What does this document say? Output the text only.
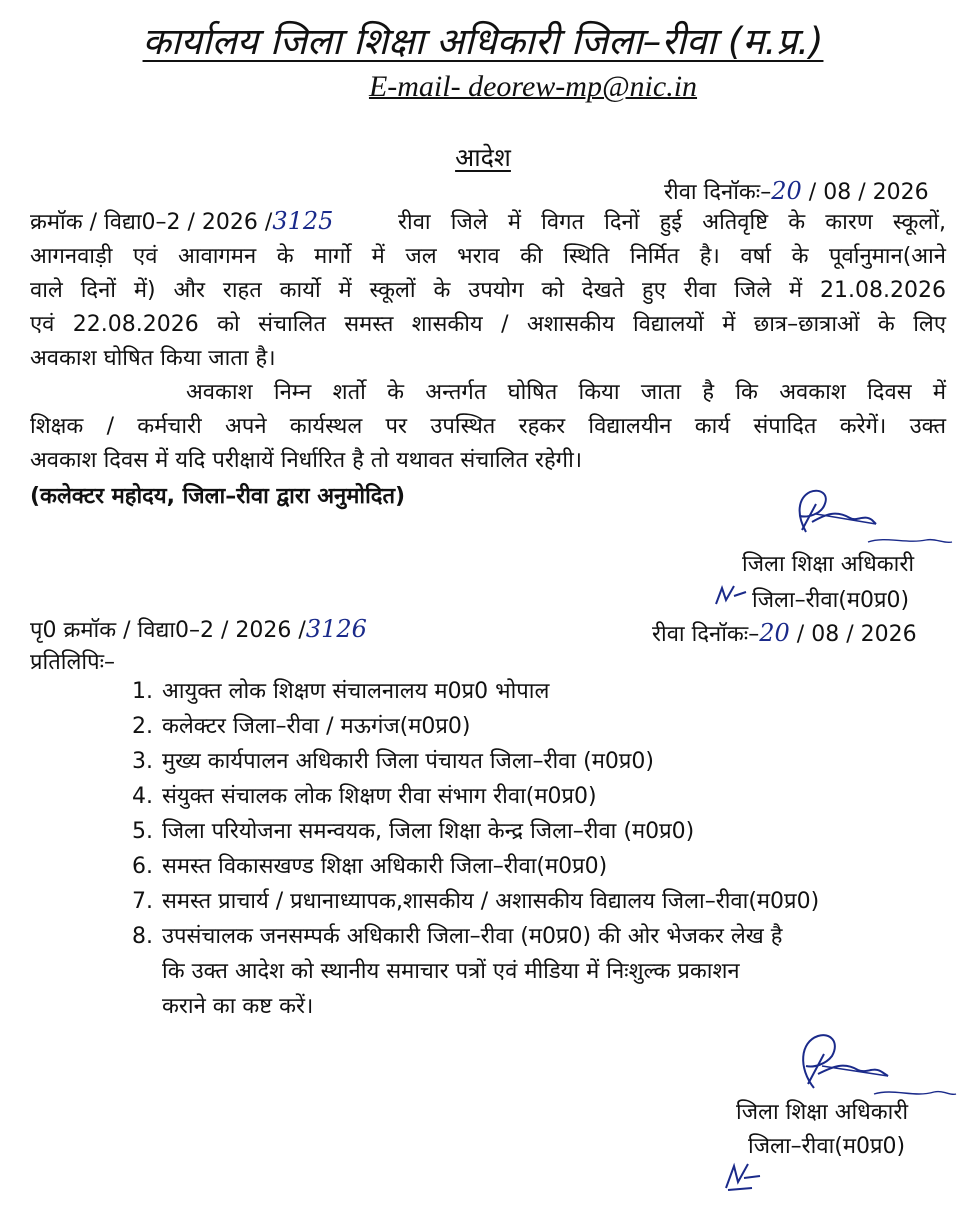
कार्यालय जिला शिक्षा अधिकारी जिला–रीवा (म.प्र.)
E-mail- deorew-mp@nic.in
आदेश
रीवा दिनॉकः–20 / 08 / 2026
क्रमॉक / विद्या0–2 / 2026 /3125	रीवा जिले में विगत दिनों हुई अतिवृष्टि के कारण स्कूलों,
आगनवाड़ी एवं आवागमन के मार्गो में जल भराव की स्थिति निर्मित है। वर्षा के पूर्वानुमान(आने
वाले दिनों में) और राहत कार्यो में स्कूलों के उपयोग को देखते हुए रीवा जिले में 21.08.2026
एवं 22.08.2026 को संचालित समस्त शासकीय / अशासकीय विद्यालयों में छात्र–छात्राओं के लिए
अवकाश घोषित किया जाता है।
अवकाश निम्न शर्तो के अन्तर्गत घोषित किया जाता है कि अवकाश दिवस में
शिक्षक / कर्मचारी अपने कार्यस्थल पर उपस्थित रहकर विद्यालयीन कार्य संपादित करेगें। उक्त
अवकाश दिवस में यदि परीक्षायें निर्धारित है तो यथावत संचालित रहेगी।
(कलेक्टर महोदय, जिला–रीवा द्वारा अनुमोदित)
जिला शिक्षा अधिकारी
जिला–रीवा(म0प्र0)
पृ0 क्रमॉक / विद्या0–2 / 2026 /3126	रीवा दिनॉकः–20 / 08 / 2026
प्रतिलिपिः–
1. आयुक्त लोक शिक्षण संचालनालय म0प्र0 भोपाल
2. कलेक्टर जिला–रीवा / मऊगंज(म0प्र0)
3. मुख्य कार्यपालन अधिकारी जिला पंचायत जिला–रीवा (म0प्र0)
4. संयुक्त संचालक लोक शिक्षण रीवा संभाग रीवा(म0प्र0)
5. जिला परियोजना समन्वयक, जिला शिक्षा केन्द्र जिला–रीवा (म0प्र0)
6. समस्त विकासखण्ड शिक्षा अधिकारी जिला–रीवा(म0प्र0)
7. समस्त प्राचार्य / प्रधानाध्यापक,शासकीय / अशासकीय विद्यालय जिला–रीवा(म0प्र0)
8. उपसंचालक जनसम्पर्क अधिकारी जिला–रीवा (म0प्र0) की ओर भेजकर लेख है
कि उक्त आदेश को स्थानीय समाचार पत्रों एवं मीडिया में निःशुल्क प्रकाशन
कराने का कष्ट करें।
जिला शिक्षा अधिकारी
जिला–रीवा(म0प्र0)
